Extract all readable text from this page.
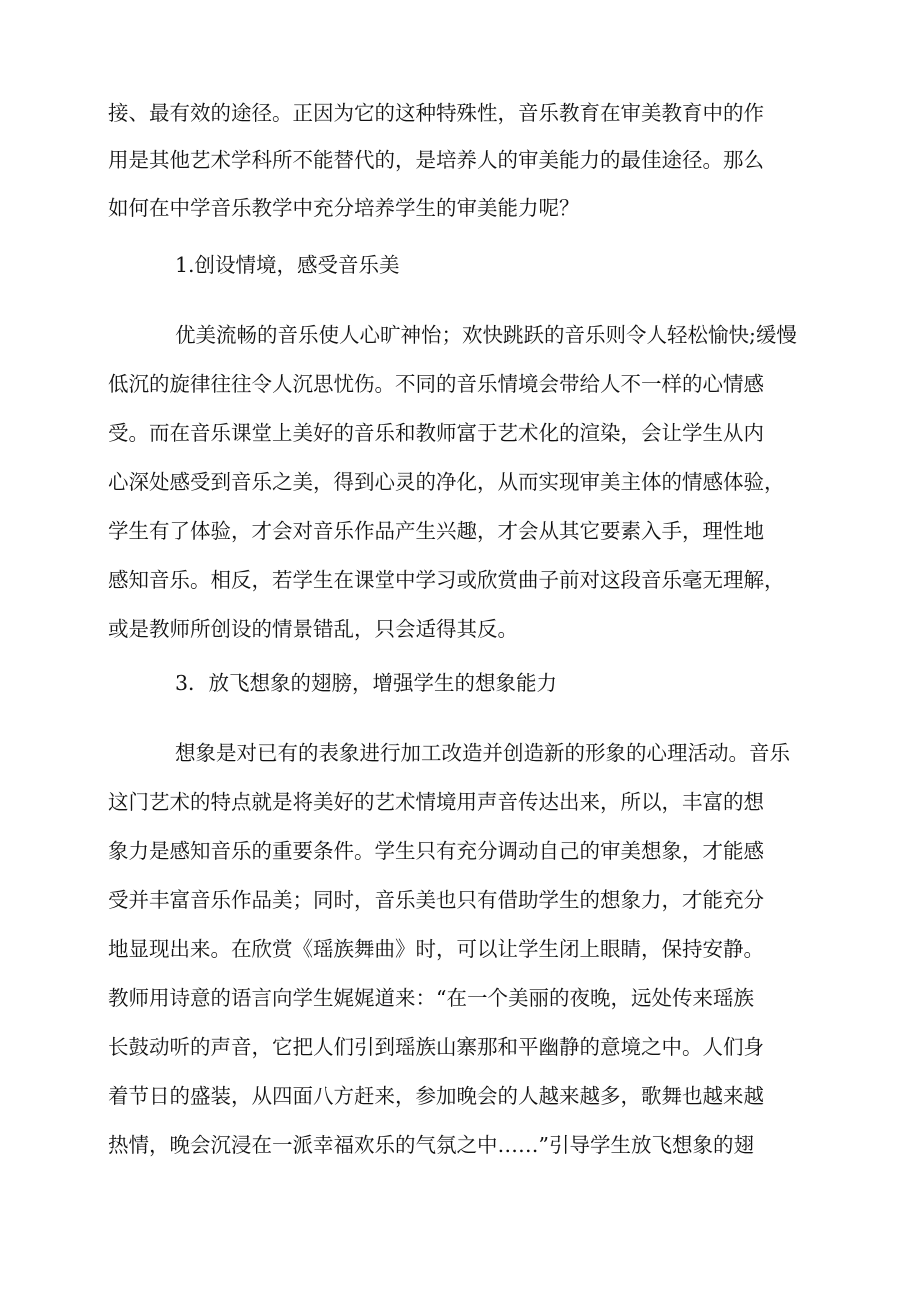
接、最有效的途径。正因为它的这种特殊性，音乐教育在审美教育中的作

用是其他艺术学科所不能替代的，是培养人的审美能力的最佳途径。那么

如何在中学音乐教学中充分培养学生的审美能力呢？

1.创设情境，感受音乐美

优美流畅的音乐使人心旷神怡；欢快跳跃的音乐则令人轻松愉快;缓慢

低沉的旋律往往令人沉思忧伤。不同的音乐情境会带给人不一样的心情感

受。而在音乐课堂上美好的音乐和教师富于艺术化的渲染，会让学生从内

心深处感受到音乐之美，得到心灵的净化，从而实现审美主体的情感体验，

学生有了体验，才会对音乐作品产生兴趣，才会从其它要素入手，理性地

感知音乐。相反，若学生在课堂中学习或欣赏曲子前对这段音乐毫无理解，

或是教师所创设的情景错乱，只会适得其反。

3．放飞想象的翅膀，增强学生的想象能力

想象是对已有的表象进行加工改造并创造新的形象的心理活动。音乐

这门艺术的特点就是将美好的艺术情境用声音传达出来，所以，丰富的想

象力是感知音乐的重要条件。学生只有充分调动自己的审美想象，才能感

受并丰富音乐作品美；同时，音乐美也只有借助学生的想象力，才能充分

地显现出来。在欣赏《瑶族舞曲》时，可以让学生闭上眼睛，保持安静。

教师用诗意的语言向学生娓娓道来：“在一个美丽的夜晚，远处传来瑶族

长鼓动听的声音，它把人们引到瑶族山寨那和平幽静的意境之中。人们身

着节日的盛装，从四面八方赶来，参加晚会的人越来越多，歌舞也越来越

热情，晚会沉浸在一派幸福欢乐的气氛之中……”引导学生放飞想象的翅
